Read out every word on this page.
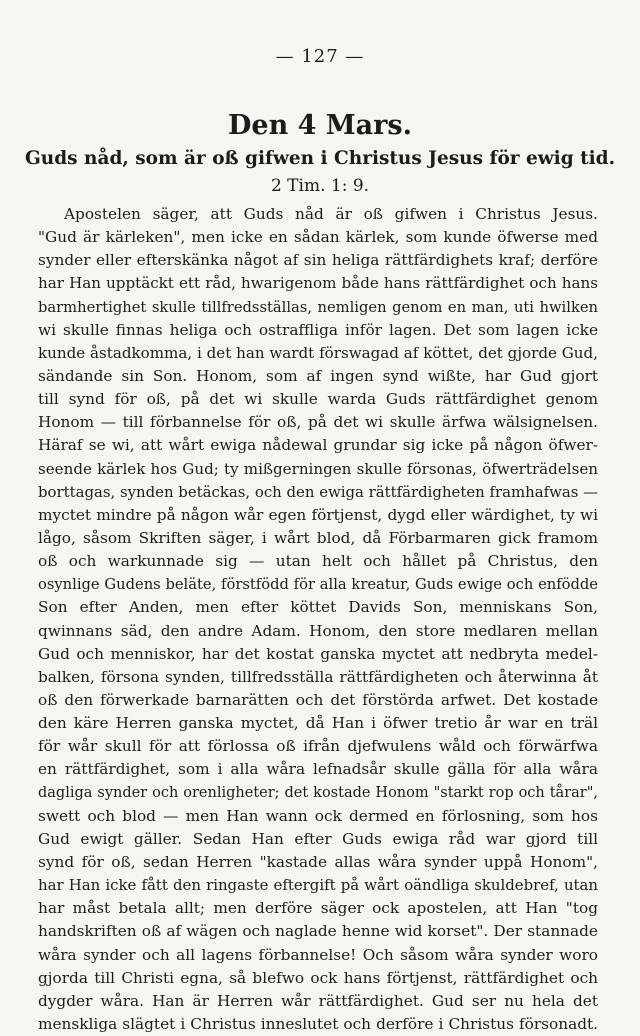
— 127 —
Den 4 Mars.
Guds nåd, som är oß gifwen i Christus Jesus för ewig tid.
2 Tim. 1: 9.
Apostelen säger, att Guds nåd är oß gifwen i Christus Jesus.
"Gud är kärleken", men icke en sådan kärlek, som kunde öfwerse med
synder eller efterskänka något af sin heliga rättfärdighets kraf; derföre
har Han upptäckt ett råd, hwarigenom både hans rättfärdighet och hans
barmhertighet skulle tillfredsställas, nemligen genom en man, uti hwilken
wi skulle finnas heliga och ostraffliga inför lagen. Det som lagen icke
kunde åstadkomma, i det han wardt förswagad af köttet, det gjorde Gud,
sändande sin Son. Honom, som af ingen synd wißte, har Gud gjort
till synd för oß, på det wi skulle warda Guds rättfärdighet genom
Honom — till förbannelse för oß, på det wi skulle ärfwa wälsignelsen.
Häraf se wi, att wårt ewiga nådewal grundar sig icke på någon öfwer-
seende kärlek hos Gud; ty mißgerningen skulle försonas, öfwerträdelsen
borttagas, synden betäckas, och den ewiga rättfärdigheten framhafwas —
myctet mindre på någon wår egen förtjenst, dygd eller wärdighet, ty wi
lågo, såsom Skriften säger, i wårt blod, då Förbarmaren gick framom
oß och warkunnade sig — utan helt och hållet på Christus, den
osynlige Gudens beläte, förstfödd för alla kreatur, Guds ewige och enfödde
Son efter Anden, men efter köttet Davids Son, menniskans Son,
qwinnans säd, den andre Adam. Honom, den store medlaren mellan
Gud och menniskor, har det kostat ganska myctet att nedbryta medel-
balken, försona synden, tillfredsställa rättfärdigheten och återwinna åt
oß den förwerkade barnarätten och det förstörda arfwet. Det kostade
den käre Herren ganska myctet, då Han i öfwer tretio år war en träl
för wår skull för att förlossa oß ifrån djefwulens wåld och förwärfwa
en rättfärdighet, som i alla wåra lefnadsår skulle gälla för alla wåra
dagliga synder och orenligheter; det kostade Honom "starkt rop och tårar",
swett och blod — men Han wann ock dermed en förlosning, som hos
Gud ewigt gäller. Sedan Han efter Guds ewiga råd war gjord till
synd för oß, sedan Herren "kastade allas wåra synder uppå Honom",
har Han icke fått den ringaste eftergift på wårt oändliga skuldebref, utan
har måst betala allt; men derföre säger ock apostelen, att Han "tog
handskriften oß af wägen och naglade henne wid korset". Der stannade
wåra synder och all lagens förbannelse! Och såsom wåra synder woro
gjorda till Christi egna, så blefwo ock hans förtjenst, rättfärdighet och
dygder wåra. Han är Herren wår rättfärdighet. Gud ser nu hela det
menskliga slägtet i Christus inneslutet och derföre i Christus försonadt.
